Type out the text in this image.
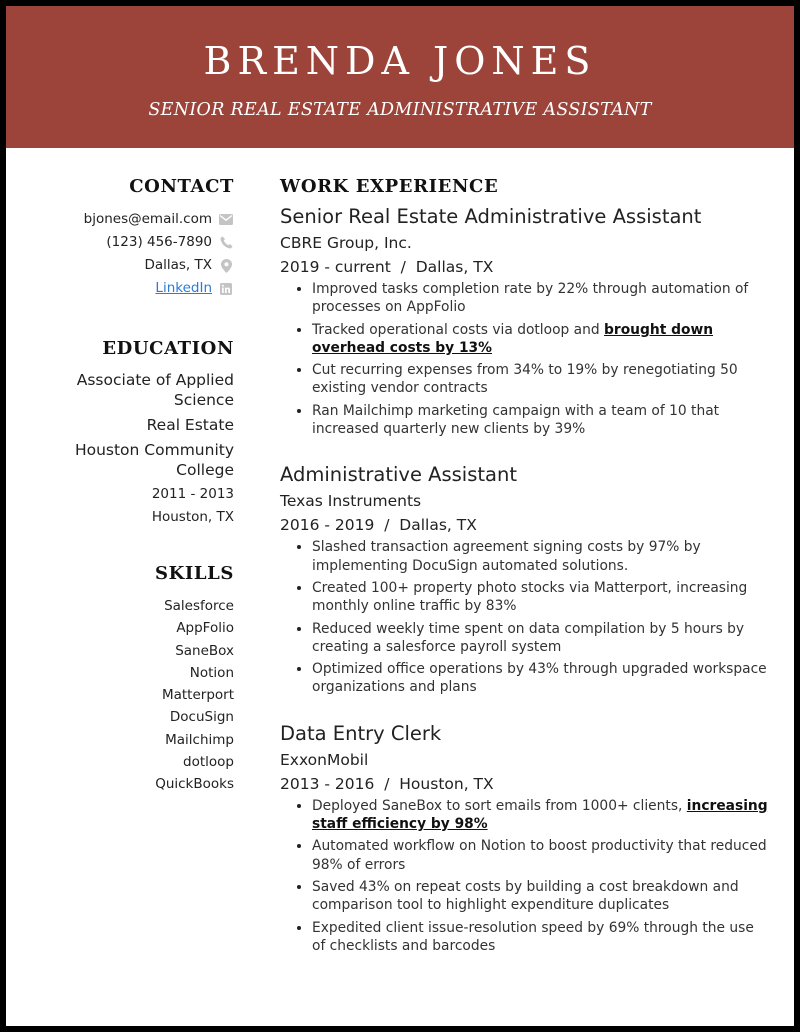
BRENDA JONES
SENIOR REAL ESTATE ADMINISTRATIVE ASSISTANT
CONTACT
bjones@email.com
(123) 456-7890
Dallas, TX
LinkedIn
EDUCATION
Associate of Applied Science
Real Estate
Houston Community College
2011 - 2013
Houston, TX
SKILLS
Salesforce
AppFolio
SaneBox
Notion
Matterport
DocuSign
Mailchimp
dotloop
QuickBooks
WORK EXPERIENCE
Senior Real Estate Administrative Assistant
CBRE Group, Inc.
2019 - current  /  Dallas, TX
• Improved tasks completion rate by 22% through automation of processes on AppFolio
• Tracked operational costs via dotloop and brought down overhead costs by 13%
• Cut recurring expenses from 34% to 19% by renegotiating 50 existing vendor contracts
• Ran Mailchimp marketing campaign with a team of 10 that increased quarterly new clients by 39%
Administrative Assistant
Texas Instruments
2016 - 2019  /  Dallas, TX
• Slashed transaction agreement signing costs by 97% by implementing DocuSign automated solutions.
• Created 100+ property photo stocks via Matterport, increasing monthly online traffic by 83%
• Reduced weekly time spent on data compilation by 5 hours by creating a salesforce payroll system
• Optimized office operations by 43% through upgraded workspace organizations and plans
Data Entry Clerk
ExxonMobil
2013 - 2016  /  Houston, TX
• Deployed SaneBox to sort emails from 1000+ clients, increasing staff efficiency by 98%
• Automated workflow on Notion to boost productivity that reduced 98% of errors
• Saved 43% on repeat costs by building a cost breakdown and comparison tool to highlight expenditure duplicates
• Expedited client issue-resolution speed by 69% through the use of checklists and barcodes
